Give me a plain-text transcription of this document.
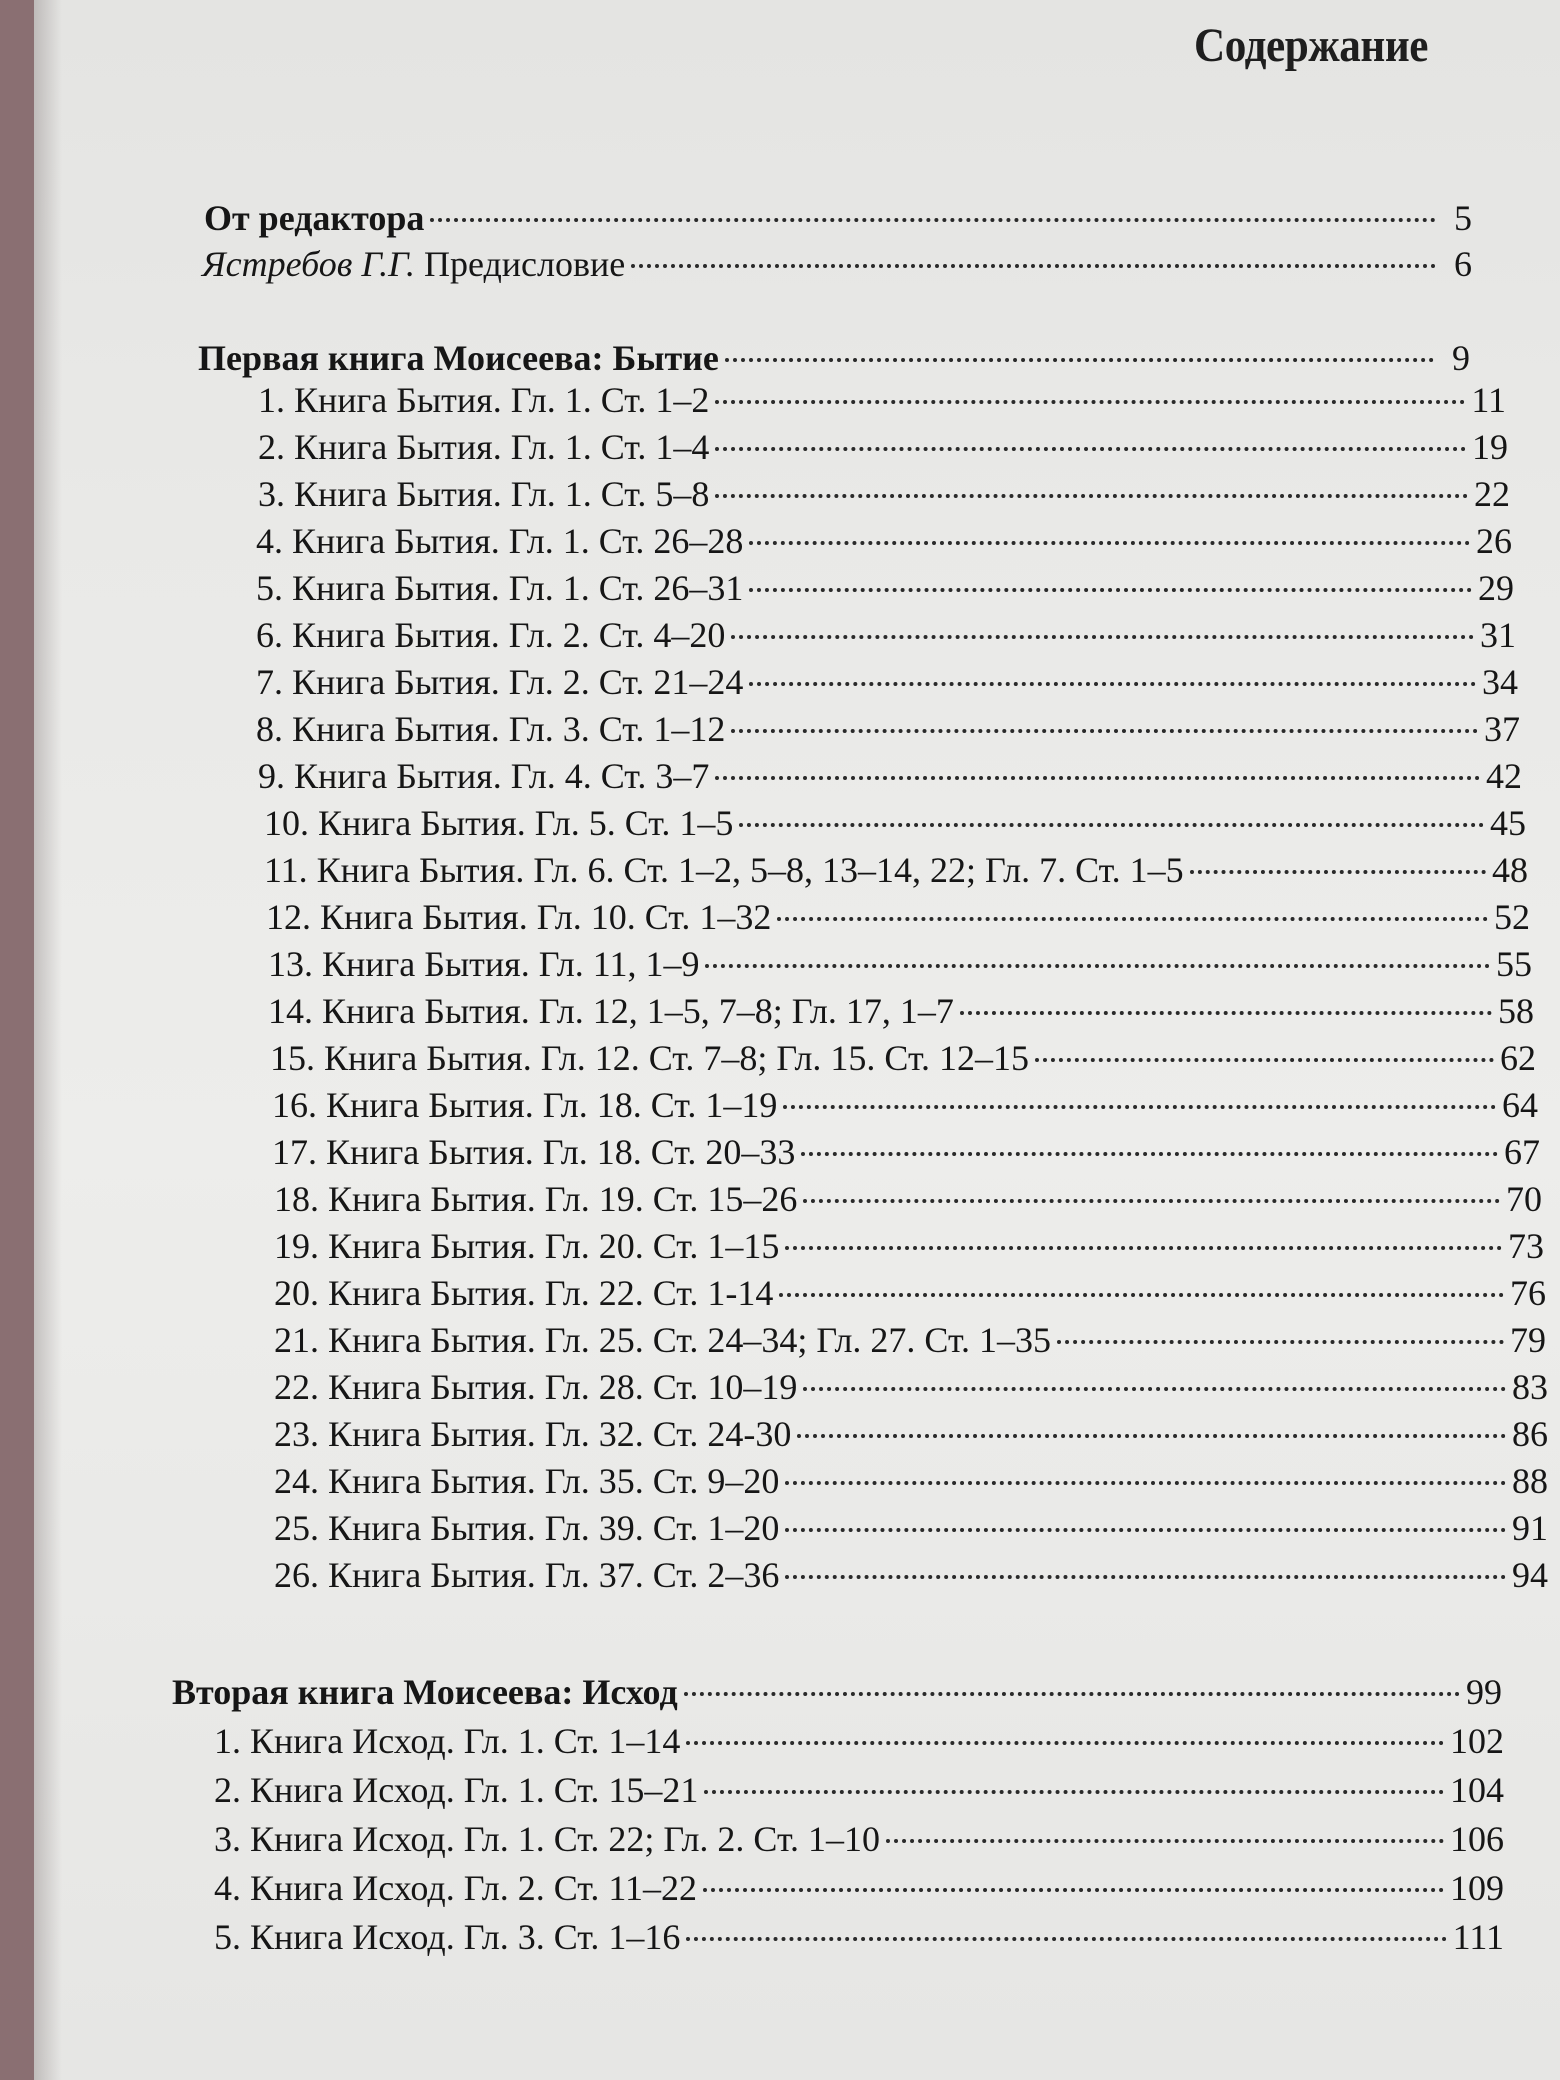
Содержание
От редактора	5
Ястребов Г.Г. Предисловие	6
Первая книга Моисеева: Бытие	9
1. Книга Бытия. Гл. 1. Ст. 1–2	11
2. Книга Бытия. Гл. 1. Ст. 1–4	19
3. Книга Бытия. Гл. 1. Ст. 5–8	22
4. Книга Бытия. Гл. 1. Ст. 26–28	26
5. Книга Бытия. Гл. 1. Ст. 26–31	29
6. Книга Бытия. Гл. 2. Ст. 4–20	31
7. Книга Бытия. Гл. 2. Ст. 21–24	34
8. Книга Бытия. Гл. 3. Ст. 1–12	37
9. Книга Бытия. Гл. 4. Ст. 3–7	42
10. Книга Бытия. Гл. 5. Ст. 1–5	45
11. Книга Бытия. Гл. 6. Ст. 1–2, 5–8, 13–14, 22; Гл. 7. Ст. 1–5	48
12. Книга Бытия. Гл. 10. Ст. 1–32	52
13. Книга Бытия. Гл. 11, 1–9	55
14. Книга Бытия. Гл. 12, 1–5, 7–8; Гл. 17, 1–7	58
15. Книга Бытия. Гл. 12. Ст. 7–8; Гл. 15. Ст. 12–15	62
16. Книга Бытия. Гл. 18. Ст. 1–19	64
17. Книга Бытия. Гл. 18. Ст. 20–33	67
18. Книга Бытия. Гл. 19. Ст. 15–26	70
19. Книга Бытия. Гл. 20. Ст. 1–15	73
20. Книга Бытия. Гл. 22. Ст. 1-14	76
21. Книга Бытия. Гл. 25. Ст. 24–34; Гл. 27. Ст. 1–35	79
22. Книга Бытия. Гл. 28. Ст. 10–19	83
23. Книга Бытия. Гл. 32. Ст. 24-30	86
24. Книга Бытия. Гл. 35. Ст. 9–20	88
25. Книга Бытия. Гл. 39. Ст. 1–20	91
26. Книга Бытия. Гл. 37. Ст. 2–36	94
Вторая книга Моисеева: Исход	99
1. Книга Исход. Гл. 1. Ст. 1–14	102
2. Книга Исход. Гл. 1. Ст. 15–21	104
3. Книга Исход. Гл. 1. Ст. 22; Гл. 2. Ст. 1–10	106
4. Книга Исход. Гл. 2. Ст. 11–22	109
5. Книга Исход. Гл. 3. Ст. 1–16	111
